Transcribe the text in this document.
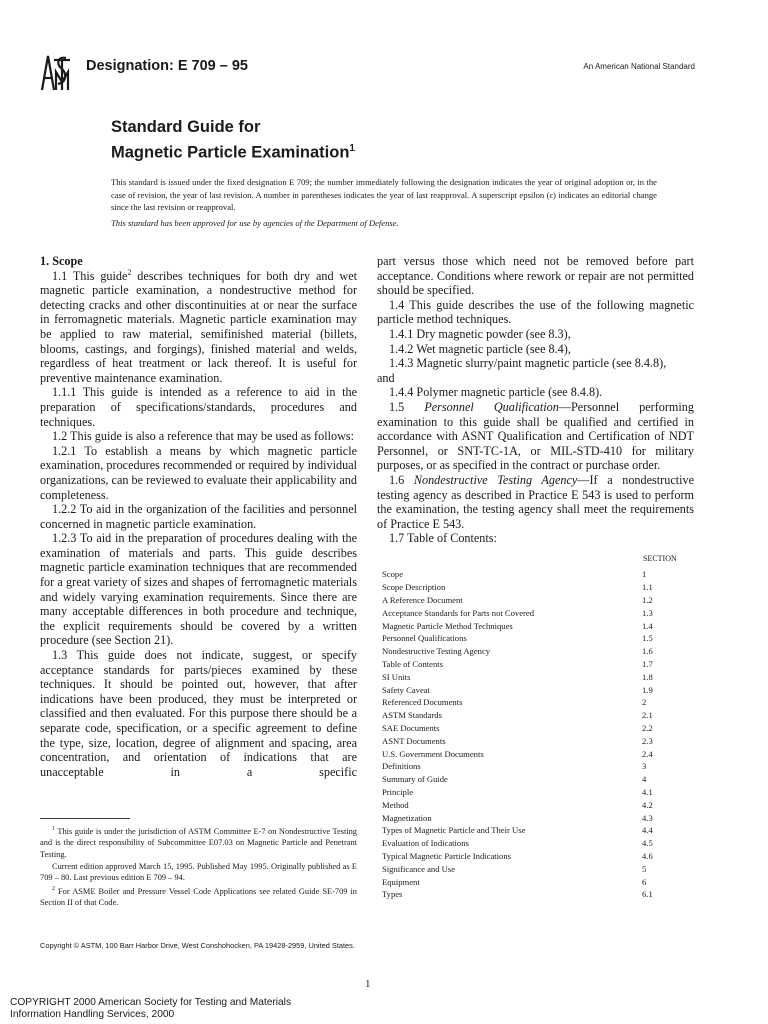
Designation: E 709 – 95	An American National Standard
Standard Guide for
Magnetic Particle Examination$^1$
This standard is issued under the fixed designation E 709; the number immediately following the designation indicates the year of original adoption or, in the case of revision, the year of last revision. A number in parentheses indicates the year of last reapproval. A superscript epsilon (ε) indicates an editorial change since the last revision or reapproval.
This standard has been approved for use by agencies of the Department of Defense.
1. Scope

1.1 This guide$^2$ describes techniques for both dry and wet magnetic particle examination, a nondestructive method for detecting cracks and other discontinuities at or near the surface in ferromagnetic materials. Magnetic particle examination may be applied to raw material, semifinished material (billets, blooms, castings, and forgings), finished material and welds, regardless of heat treatment or lack thereof. It is useful for preventive maintenance examination.

1.1.1 This guide is intended as a reference to aid in the preparation of specifications/standards, procedures and techniques.

1.2 This guide is also a reference that may be used as follows:

1.2.1 To establish a means by which magnetic particle examination, procedures recommended or required by individual organizations, can be reviewed to evaluate their applicability and completeness.

1.2.2 To aid in the organization of the facilities and personnel concerned in magnetic particle examination.

1.2.3 To aid in the preparation of procedures dealing with the examination of materials and parts. This guide describes magnetic particle examination techniques that are recommended for a great variety of sizes and shapes of ferromagnetic materials and widely varying examination requirements. Since there are many acceptable differences in both procedure and technique, the explicit requirements should be covered by a written procedure (see Section 21).

1.3 This guide does not indicate, suggest, or specify acceptance standards for parts/pieces examined by these techniques. It should be pointed out, however, that after indications have been produced, they must be interpreted or classified and then evaluated. For this purpose there should be a separate code, specification, or a specific agreement to define the type, size, location, degree of alignment and spacing, area concentration, and orientation of indications that are unacceptable in a specific

part versus those which need not be removed before part acceptance. Conditions where rework or repair are not permitted should be specified.

1.4 This guide describes the use of the following magnetic particle method techniques.

1.4.1 Dry magnetic powder (see 8.3),

1.4.2 Wet magnetic particle (see 8.4),

1.4.3 Magnetic slurry/paint magnetic particle (see 8.4.8),

and

1.4.4 Polymer magnetic particle (see 8.4.8).

1.5 Personnel Qualification—Personnel performing examination to this guide shall be qualified and certified in accordance with ASNT Qualification and Certification of NDT Personnel, or SNT-TC-1A, or MIL-STD-410 for military purposes, or as specified in the contract or purchase order.

1.6 Nondestructive Testing Agency—If a nondestructive testing agency as described in Practice E 543 is used to perform the examination, the testing agency shall meet the requirements of Practice E 543.

1.7 Table of Contents:

SECTION
Scope	1
Scope Description	1.1
A Reference Document	1.2
Acceptance Standards for Parts not Covered	1.3
Magnetic Particle Method Techniques	1.4
Personnel Qualifications	1.5
Nondestructive Testing Agency	1.6
Table of Contents	1.7
SI Units	1.8
Safety Caveat	1.9
Referenced Documents	2
ASTM Standards	2.1
SAE Documents	2.2
ASNT Documents	2.3
U.S. Government Documents	2.4
Definitions	3
Summary of Guide	4
Principle	4.1
Method	4.2
Magnetization	4.3
Types of Magnetic Particle and Their Use	4.4
Evaluation of Indications	4.5
Typical Magnetic Particle Indications	4.6
Significance and Use	5
Equipment	6
Types	6.1

$^1$ This guide is under the jurisdiction of ASTM Committee E-7 on Nondestructive Testing and is the direct responsibility of Subcommittee E07.03 on Magnetic Particle and Penetrant Testing.

Current edition approved March 15, 1995. Published May 1995. Originally published as E 709 – 80. Last previous edition E 709 – 94.

$^2$ For ASME Boiler and Pressure Vessel Code Applications see related Guide SE-709 in Section II of that Code.

Copyright © ASTM, 100 Barr Harbor Drive, West Conshohocken, PA 19428-2959, United States.
1
COPYRIGHT 2000 American Society for Testing and Materials
Information Handling Services, 2000
